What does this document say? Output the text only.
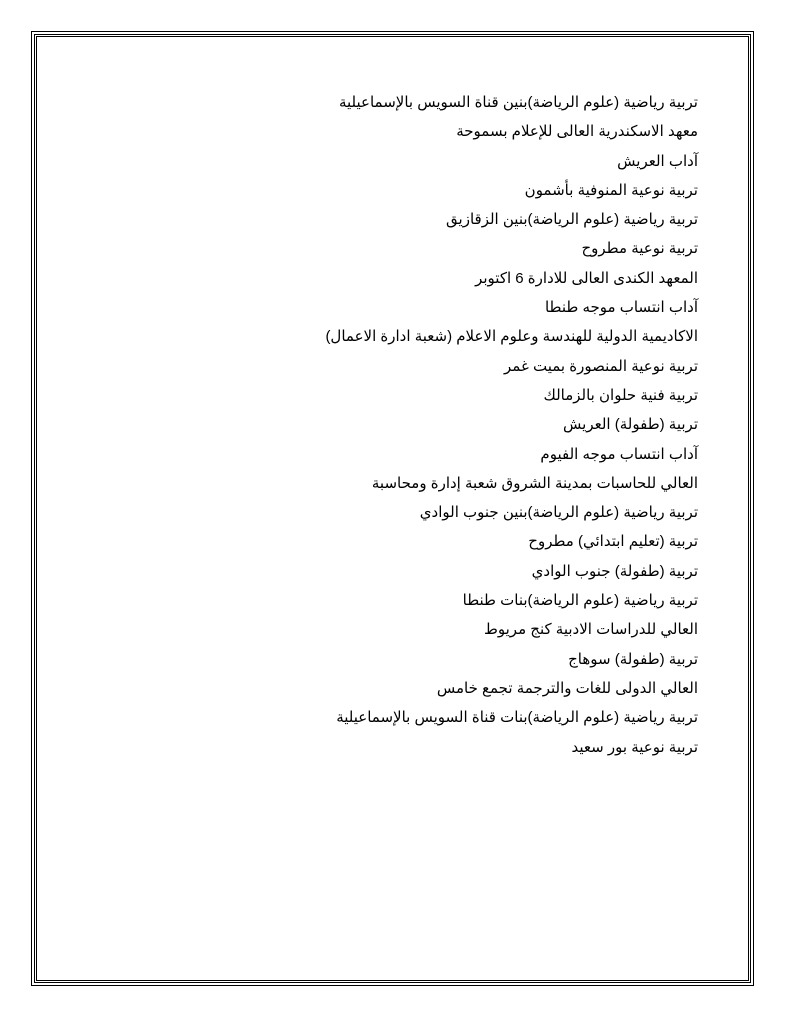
تربية رياضية (علوم الرياضة)بنين قناة السويس بالإسماعيلية
معهد الاسكندرية العالى للإعلام بسموحة
آداب العريش
تربية نوعية المنوفية بأشمون
تربية رياضية (علوم الرياضة)بنين الزقازيق
تربية نوعية مطروح
المعهد الكندى العالى للادارة 6 اكتوبر
آداب انتساب موجه طنطا
الاكاديمية الدولية للهندسة وعلوم الاعلام (شعبة ادارة الاعمال)
تربية نوعية المنصورة بميت غمر
تربية فنية حلوان بالزمالك
تربية (طفولة) العريش
آداب انتساب موجه الفيوم
العالي للحاسبات بمدينة الشروق شعبة إدارة ومحاسبة
تربية رياضية (علوم الرياضة)بنين جنوب الوادي
تربية (تعليم ابتدائي) مطروح
تربية (طفولة) جنوب الوادي
تربية رياضية (علوم الرياضة)بنات طنطا
العالي للدراسات الادبية كنج مريوط
تربية (طفولة) سوهاج
العالي الدولى للغات والترجمة تجمع خامس
تربية رياضية (علوم الرياضة)بنات قناة السويس بالإسماعيلية
تربية نوعية بور سعيد
